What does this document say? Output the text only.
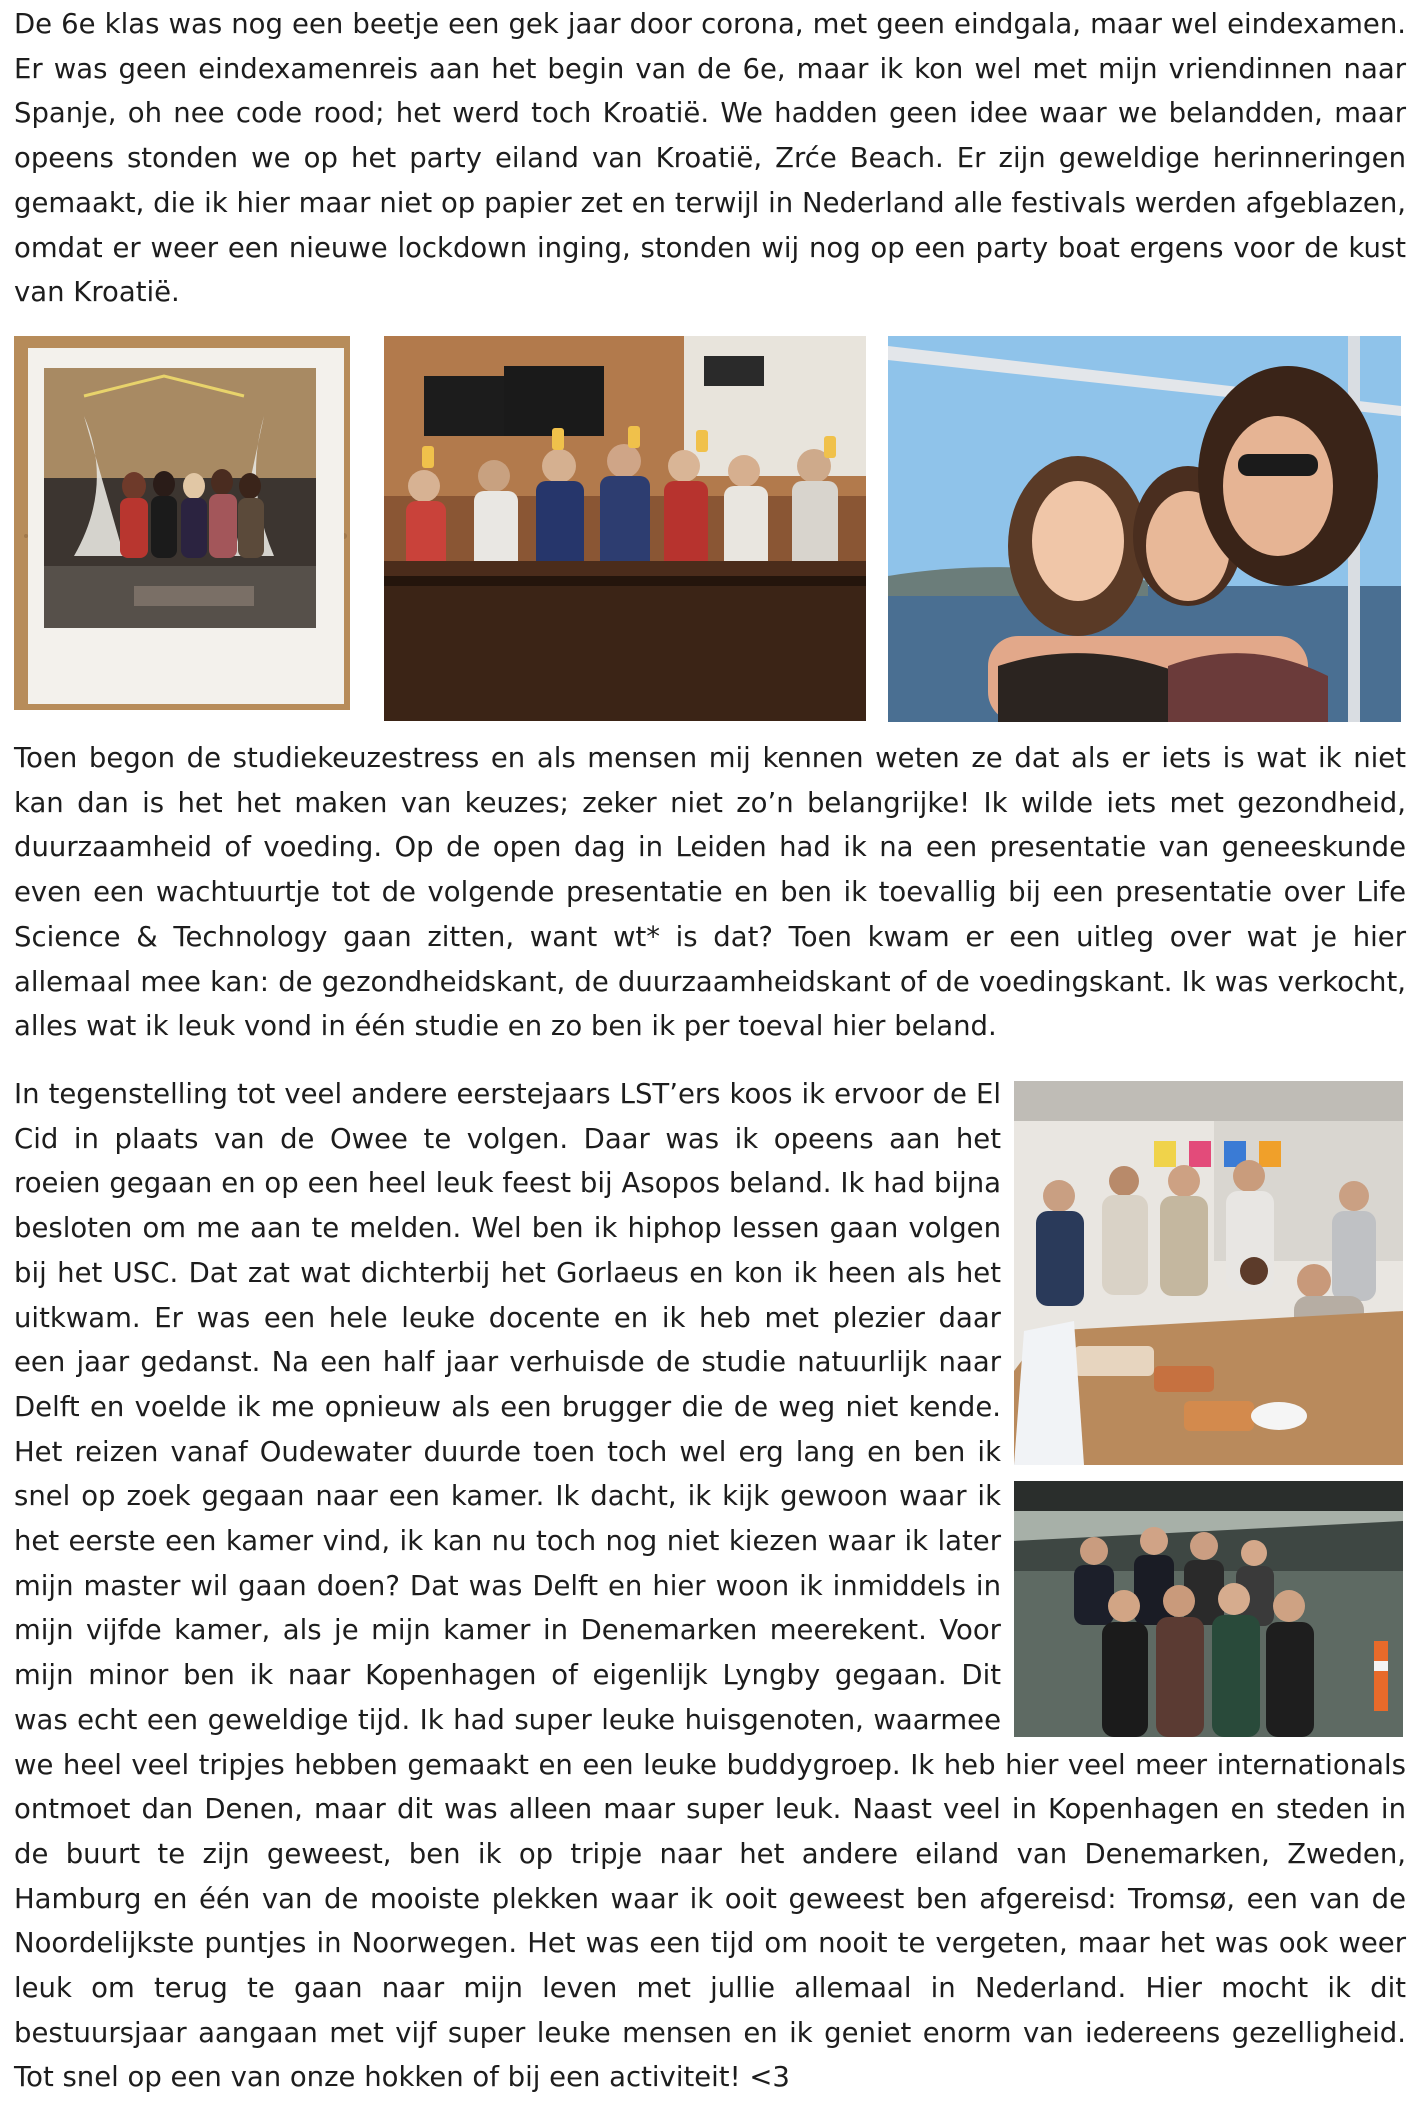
De 6e klas was nog een beetje een gek jaar door corona, met geen eindgala, maar wel eindexamen. Er was geen eindexamenreis aan het begin van de 6e, maar ik kon wel met mijn vriendinnen naar Spanje, oh nee code rood; het werd toch Kroatië. We hadden geen idee waar we belandden, maar opeens stonden we op het party eiland van Kroatië, Zrće Beach. Er zijn geweldige herinneringen gemaakt, die ik hier maar niet op papier zet en terwijl in Nederland alle festivals werden afgeblazen, omdat er weer een nieuwe lockdown inging, stonden wij nog op een party boat ergens voor de kust van Kroatië.

Toen begon de studiekeuzestress en als mensen mij kennen weten ze dat als er iets is wat ik niet kan dan is het het maken van keuzes; zeker niet zo’n belangrijke! Ik wilde iets met gezondheid, duurzaamheid of voeding. Op de open dag in Leiden had ik na een presentatie van geneeskunde even een wachtuurtje tot de volgende presentatie en ben ik toevallig bij een presentatie over Life Science & Technology gaan zitten, want wt* is dat? Toen kwam er een uitleg over wat je hier allemaal mee kan: de gezondheidskant, de duurzaamheidskant of de voedingskant. Ik was verkocht, alles wat ik leuk vond in één studie en zo ben ik per toeval hier beland.

In tegenstelling tot veel andere eerstejaars LST’ers koos ik ervoor de El Cid in plaats van de Owee te volgen. Daar was ik opeens aan het roeien gegaan en op een heel leuk feest bij Asopos beland. Ik had bijna besloten om me aan te melden. Wel ben ik hiphop lessen gaan volgen bij het USC. Dat zat wat dichterbij het Gorlaeus en kon ik heen als het uitkwam. Er was een hele leuke docente en ik heb met plezier daar een jaar gedanst. Na een half jaar verhuisde de studie natuurlijk naar Delft en voelde ik me opnieuw als een brugger die de weg niet kende. Het reizen vanaf Oudewater duurde toen toch wel erg lang en ben ik snel op zoek gegaan naar een kamer. Ik dacht, ik kijk gewoon waar ik het eerste een kamer vind, ik kan nu toch nog niet kiezen waar ik later mijn master wil gaan doen? Dat was Delft en hier woon ik inmiddels in mijn vijfde kamer, als je mijn kamer in Denemarken meerekent. Voor mijn minor ben ik naar Kopenhagen of eigenlijk Lyngby gegaan. Dit was echt een geweldige tijd. Ik had super leuke huisgenoten, waarmee we heel veel tripjes hebben gemaakt en een leuke buddygroep. Ik heb hier veel meer internationals ontmoet dan Denen, maar dit was alleen maar super leuk. Naast veel in Kopenhagen en steden in de buurt te zijn geweest, ben ik op tripje naar het andere eiland van Denemarken, Zweden, Hamburg en één van de mooiste plekken waar ik ooit geweest ben afgereisd: Tromsø, een van de Noordelijkste puntjes in Noorwegen. Het was een tijd om nooit te vergeten, maar het was ook weer leuk om terug te gaan naar mijn leven met jullie allemaal in Nederland. Hier mocht ik dit bestuursjaar aangaan met vijf super leuke mensen en ik geniet enorm van iedereens gezelligheid. Tot snel op een van onze hokken of bij een activiteit! <3
